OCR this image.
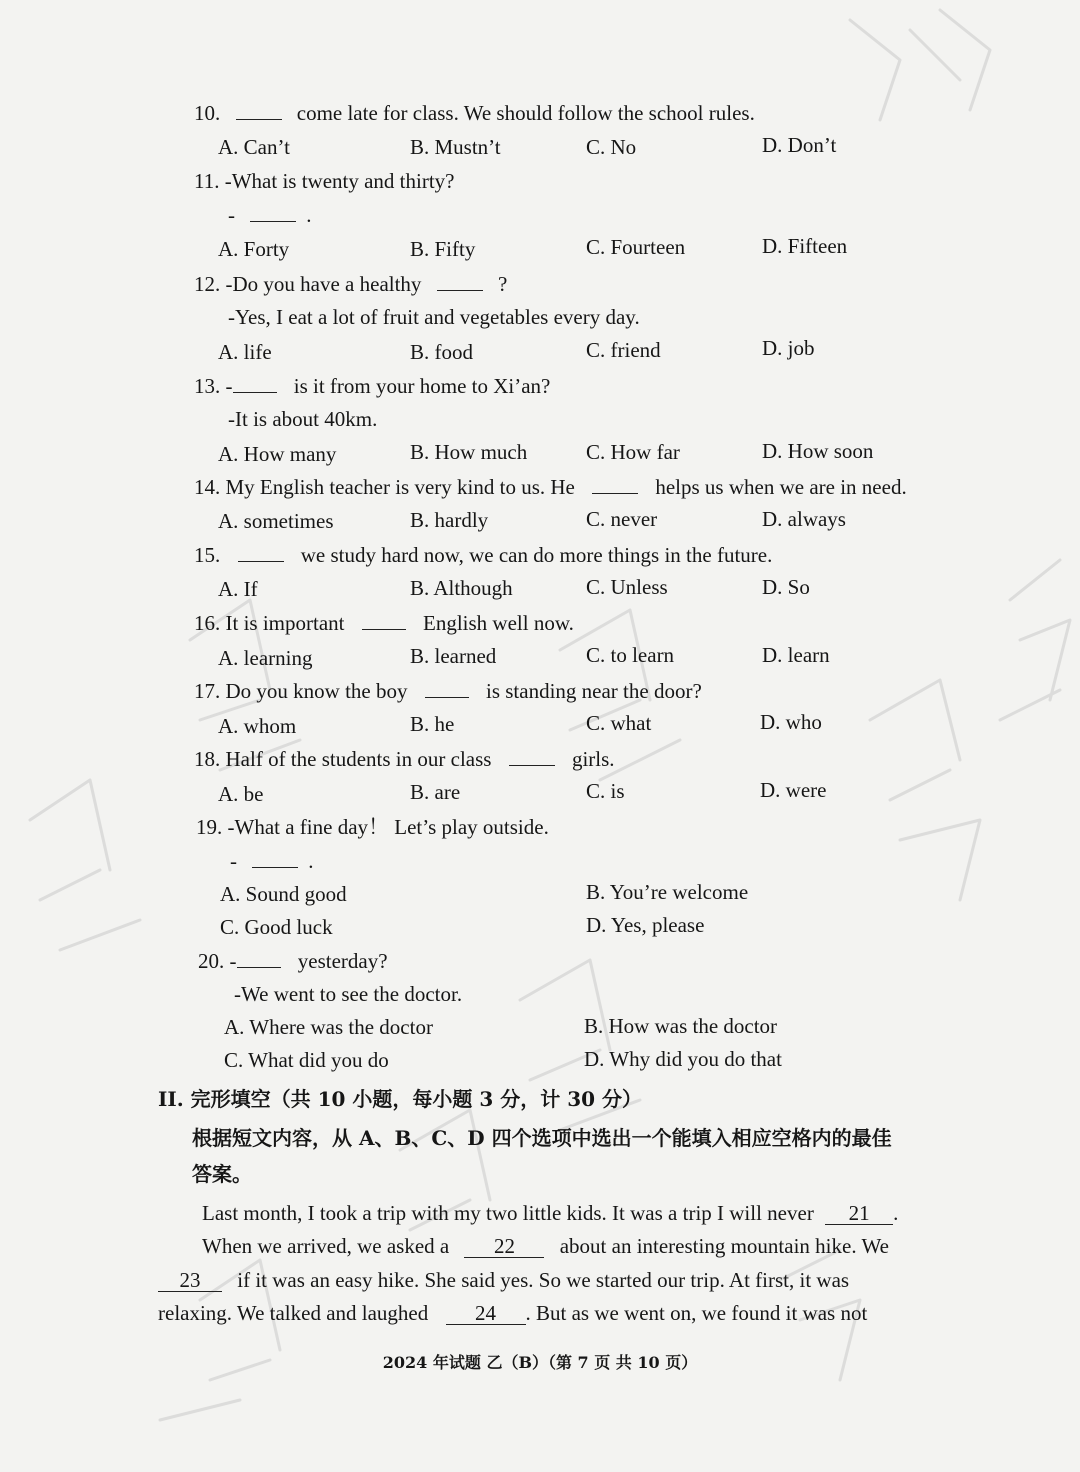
10.	come late for class. We should follow the school rules.
A. Can’t	B. Mustn’t	C. No	D. Don’t
11. -What is twenty and thirty?
-	.
A. Forty	B. Fifty	C. Fourteen	D. Fifteen
12. -Do you have a healthy	?
-Yes, I eat a lot of fruit and vegetables every day.
A. life	B. food	C. friend	D. job
13. -	is it from your home to Xi’an?
-It is about 40km.
A. How many	B. How much	C. How far	D. How soon
14. My English teacher is very kind to us. He	helps us when we are in need.
A. sometimes	B. hardly	C. never	D. always
15.	we study hard now, we can do more things in the future.
A. If	B. Although	C. Unless	D. So
16. It is important	English well now.
A. learning	B. learned	C. to learn	D. learn
17. Do you know the boy	is standing near the door?
A. whom	B. he	C. what	D. who
18. Half of the students in our class	girls.
A. be	B. are	C. is	D. were
19. -What a fine day！ Let’s play outside.
-	.
A. Sound good	B. You’re welcome
C. Good luck	D. Yes, please
20. -	yesterday?
-We went to see the doctor.
A. Where was the doctor	B. How was the doctor
C. What did you do	D. Why did you do that
II. 完形填空（共 10 小题，每小题 3 分，计 30 分）
根据短文内容，从 A、B、C、D 四个选项中选出一个能填入相应空格内的最佳
答案。
Last month, I took a trip with my two little kids. It was a trip I will never 21 .
When we arrived, we asked a 22 about an interesting mountain hike. We
23 if it was an easy hike. She said yes. So we started our trip. At first, it was
relaxing. We talked and laughed 24 . But as we went on, we found it was not
2024 年试题 乙（B）（第 7 页 共 10 页）
